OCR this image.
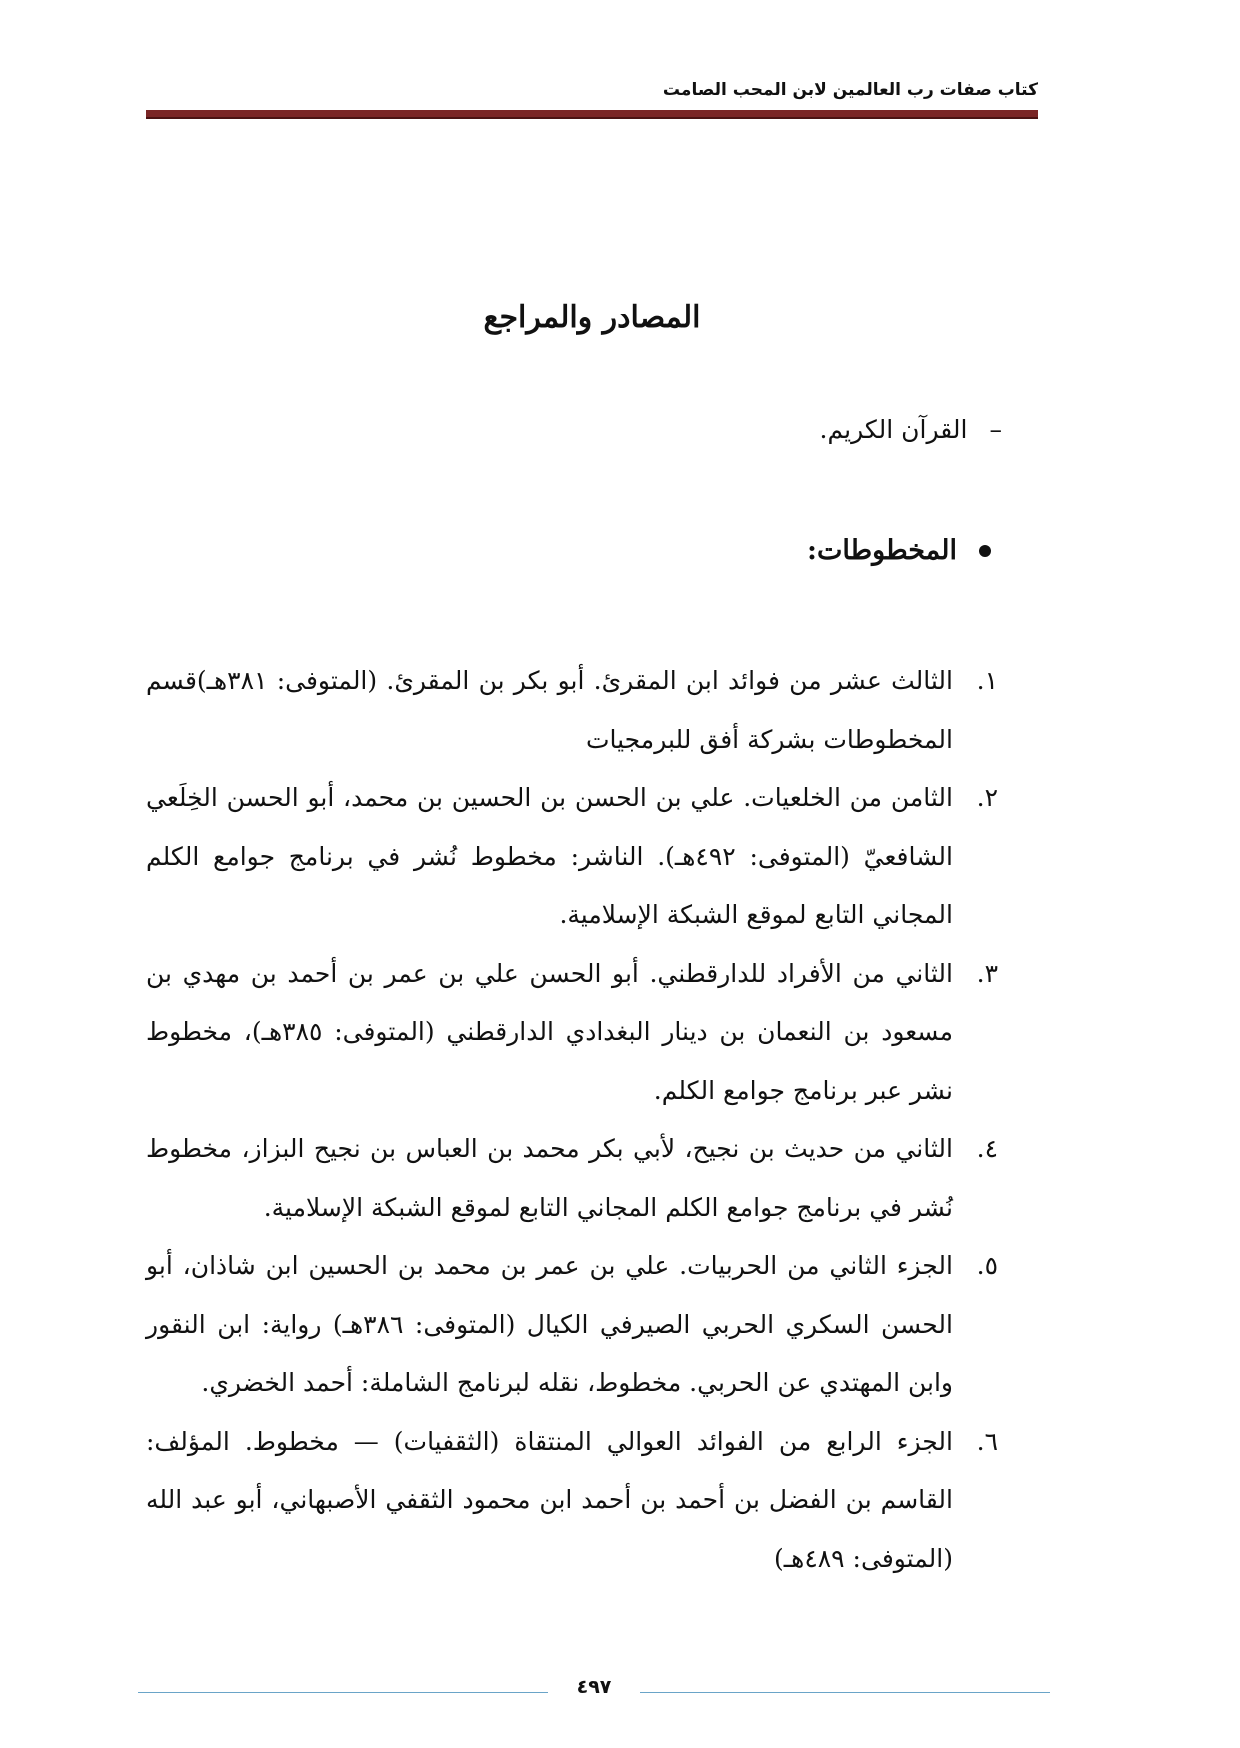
كتاب صفات رب العالمين لابن المحب الصامت
المصادر والمراجع
–القرآن الكريم.
المخطوطات:
١.
الثالث عشر من فوائد ابن المقرئ. أبو بكر بن المقرئ. (المتوفى: ٣٨١هـ)قسم المخطوطات بشركة أفق للبرمجيات
٢.
الثامن من الخلعيات. علي بن الحسن بن الحسين بن محمد، أبو الحسن الخِلَعي الشافعيّ (المتوفى: ٤٩٢هـ). الناشر: مخطوط نُشر في برنامج جوامع الكلم المجاني التابع لموقع الشبكة الإسلامية.
٣.
الثاني من الأفراد للدارقطني. أبو الحسن علي بن عمر بن أحمد بن مهدي بن مسعود بن النعمان بن دينار البغدادي الدارقطني (المتوفى: ٣٨٥هـ)، مخطوط نشر عبر برنامج جوامع الكلم.
٤.
الثاني من حديث بن نجيح، لأبي بكر محمد بن العباس بن نجيح البزاز، مخطوط نُشر في برنامج جوامع الكلم المجاني التابع لموقع الشبكة الإسلامية.
٥.
الجزء الثاني من الحربيات. علي بن عمر بن محمد بن الحسين ابن شاذان، أبو الحسن السكري الحربي الصيرفي الكيال (المتوفى: ٣٨٦هـ) رواية: ابن النقور وابن المهتدي عن الحربي. مخطوط، نقله لبرنامج الشاملة: أحمد الخضري.
٦.
الجزء الرابع من الفوائد العوالي المنتقاة (الثقفيات) — مخطوط. المؤلف: القاسم بن الفضل بن أحمد بن أحمد ابن محمود الثقفي الأصبهاني، أبو عبد الله (المتوفى: ٤٨٩هـ)
٤٩٧
